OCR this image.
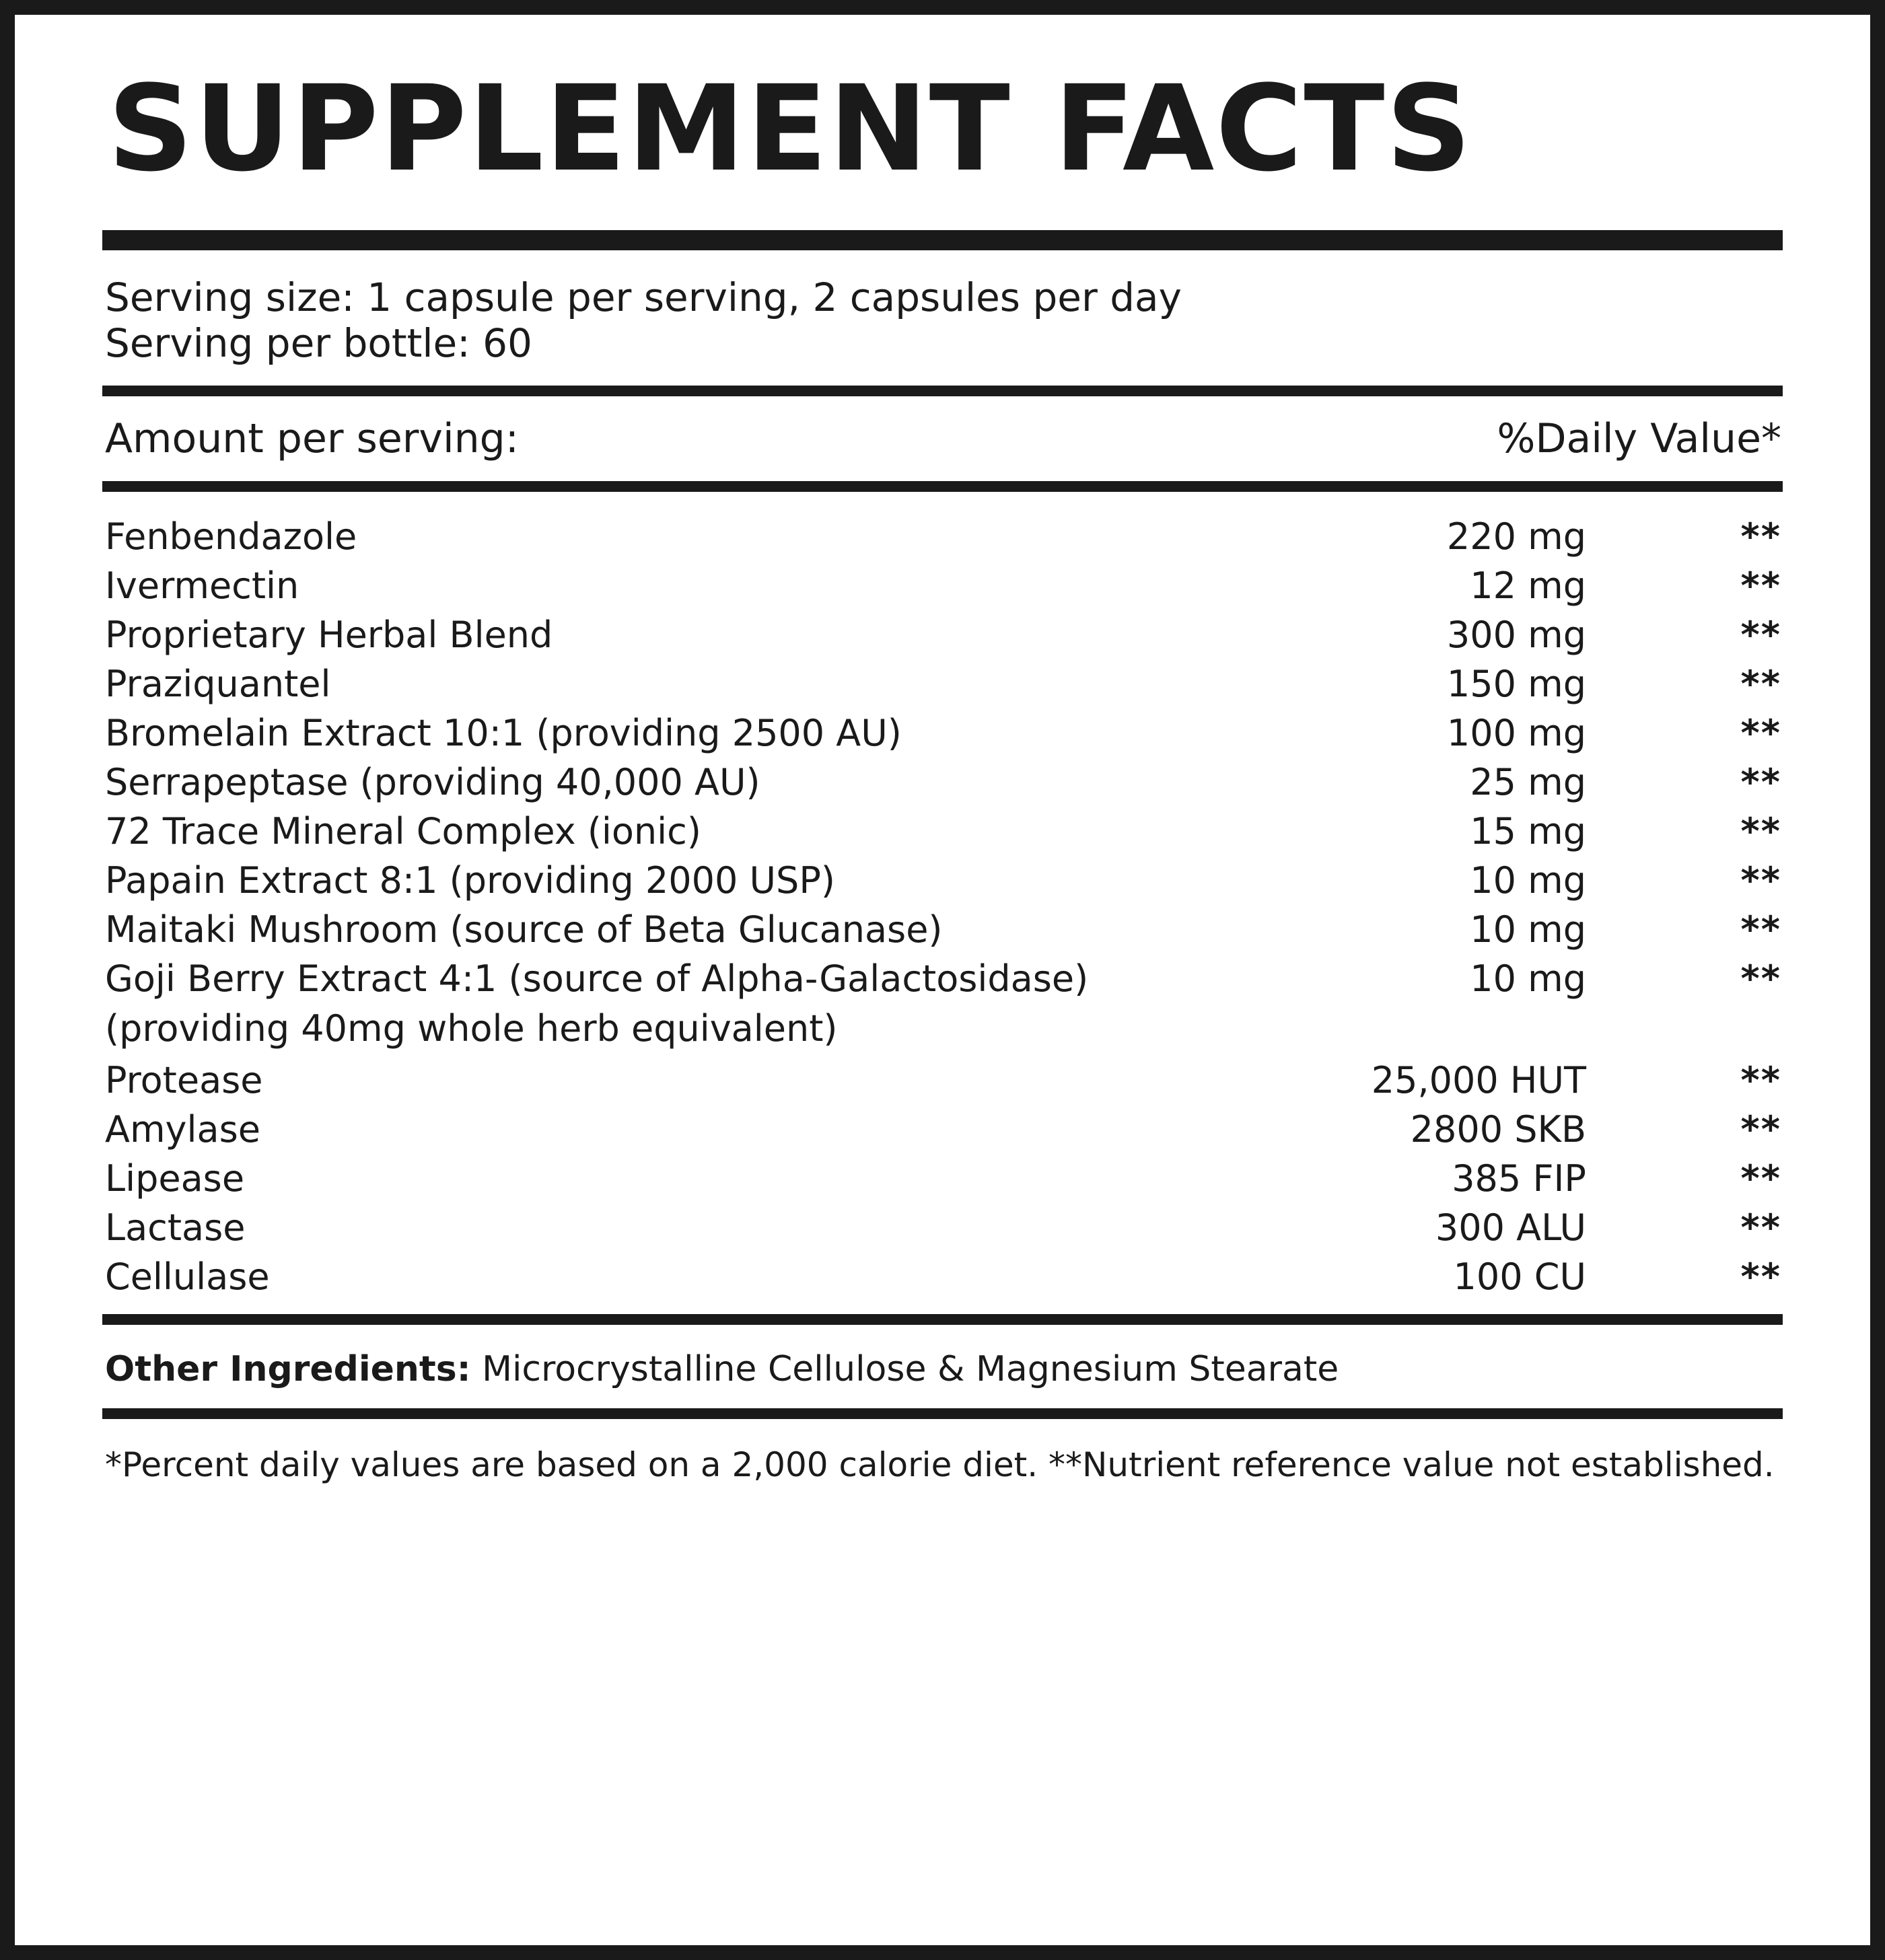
SUPPLEMENT FACTS
Serving size: 1 capsule per serving, 2 capsules per day
Serving per bottle: 60
Amount per serving:	%Daily Value*
Fenbendazole	220 mg	**
Ivermectin	12 mg	**
Proprietary Herbal Blend	300 mg	**
Praziquantel	150 mg	**
Bromelain Extract 10:1 (providing 2500 AU)	100 mg	**
Serrapeptase (providing 40,000 AU)	25 mg	**
72 Trace Mineral Complex (ionic)	15 mg	**
Papain Extract 8:1 (providing 2000 USP)	10 mg	**
Maitaki Mushroom (source of Beta Glucanase)	10 mg	**
Goji Berry Extract 4:1 (source of Alpha-Galactosidase)	10 mg	**
(providing 40mg whole herb equivalent)
Protease	25,000 HUT	**
Amylase	2800 SKB	**
Lipease	385 FIP	**
Lactase	300 ALU	**
Cellulase	100 CU	**
Other Ingredients: Microcrystalline Cellulose & Magnesium Stearate
*Percent daily values are based on a 2,000 calorie diet. **Nutrient reference value not established.
